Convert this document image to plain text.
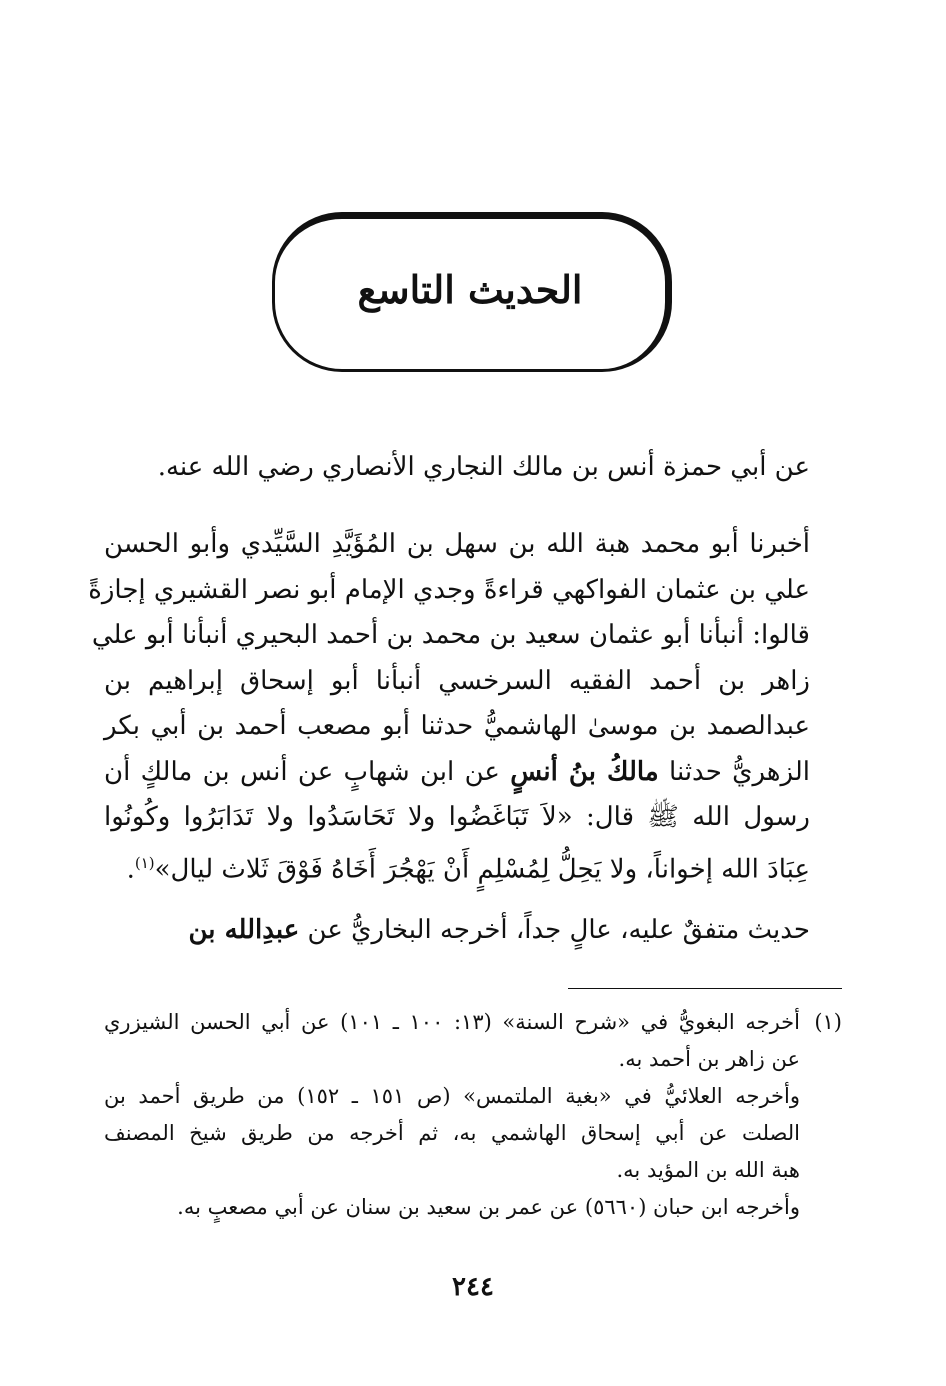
الحديث التاسع
عن أبي حمزة أنس بن مالك النجاري الأنصاري رضي الله عنه.
أخبرنا أبو محمد هبة الله بن سهل بن المُؤَيَّدِ السَّيِّدي وأبو الحسن
علي بن عثمان الفواكهي قراءةً وجدي الإمام أبو نصر القشيري إجازةً
قالوا: أنبأنا أبو عثمان سعيد بن محمد بن أحمد البحيري أنبأنا أبو علي
زاهر بن أحمد الفقيه السرخسي أنبأنا أبو إسحاق إبراهيم بن
عبدالصمد بن موسىٰ الهاشميُّ حدثنا أبو مصعب أحمد بن أبي بكر
الزهريُّ حدثنا مالكُ بنُ أنسٍ عن ابن شهابٍ عن أنس بن مالكٍ أن
رسول الله ﷺ قال: «لاَ تَبَاغَضُوا ولا تَحَاسَدُوا ولا تَدَابَرُوا وكُونُوا
عِبَادَ الله إخواناً، ولا يَحِلُّ لِمُسْلِمٍ أَنْ يَهْجُرَ أَخَاهُ فَوْقَ ثَلاث ليال»$^{(١)}$.
حديث متفقٌ عليه، عالٍ جداً، أخرجه البخاريُّ عن عبدِالله بن
(١)أخرجه البغويُّ في «شرح السنة» (١٣: ١٠٠ ـ ١٠١) عن أبي الحسن الشيزري
عن زاهر بن أحمد به.
وأخرجه العلائيُّ في «بغية الملتمس» (ص ١٥١ ـ ١٥٢) من طريق أحمد بن
الصلت عن أبي إسحاق الهاشمي به، ثم أخرجه من طريق شيخ المصنف
هبة الله بن المؤيد به.
وأخرجه ابن حبان (٥٦٦٠) عن عمر بن سعيد بن سنان عن أبي مصعبٍ به.
٢٤٤
